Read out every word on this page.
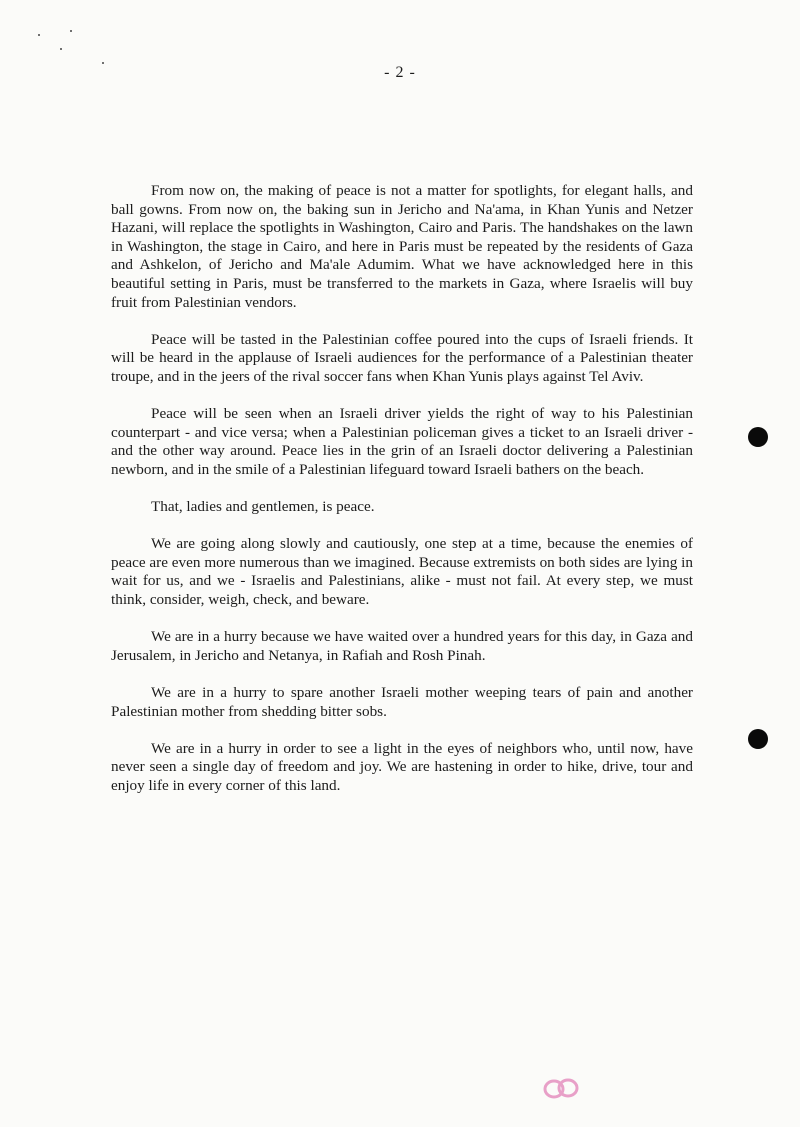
- 2 -

From now on, the making of peace is not a matter for spotlights, for elegant halls, and ball gowns. From now on, the baking sun in Jericho and Na'ama, in Khan Yunis and Netzer Hazani, will replace the spotlights in Washington, Cairo and Paris. The handshakes on the lawn in Washington, the stage in Cairo, and here in Paris must be repeated by the residents of Gaza and Ashkelon, of Jericho and Ma'ale Adumim. What we have acknowledged here in this beautiful setting in Paris, must be transferred to the markets in Gaza, where Israelis will buy fruit from Palestinian vendors.

Peace will be tasted in the Palestinian coffee poured into the cups of Israeli friends. It will be heard in the applause of Israeli audiences for the performance of a Palestinian theater troupe, and in the jeers of the rival soccer fans when Khan Yunis plays against Tel Aviv.

Peace will be seen when an Israeli driver yields the right of way to his Palestinian counterpart - and vice versa; when a Palestinian policeman gives a ticket to an Israeli driver - and the other way around. Peace lies in the grin of an Israeli doctor delivering a Palestinian newborn, and in the smile of a Palestinian lifeguard toward Israeli bathers on the beach.

That, ladies and gentlemen, is peace.

We are going along slowly and cautiously, one step at a time, because the enemies of peace are even more numerous than we imagined. Because extremists on both sides are lying in wait for us, and we - Israelis and Palestinians, alike - must not fail. At every step, we must think, consider, weigh, check, and beware.

We are in a hurry because we have waited over a hundred years for this day, in Gaza and Jerusalem, in Jericho and Netanya, in Rafiah and Rosh Pinah.

We are in a hurry to spare another Israeli mother weeping tears of pain and another Palestinian mother from shedding bitter sobs.

We are in a hurry in order to see a light in the eyes of neighbors who, until now, have never seen a single day of freedom and joy. We are hastening in order to hike, drive, tour and enjoy life in every corner of this land.
